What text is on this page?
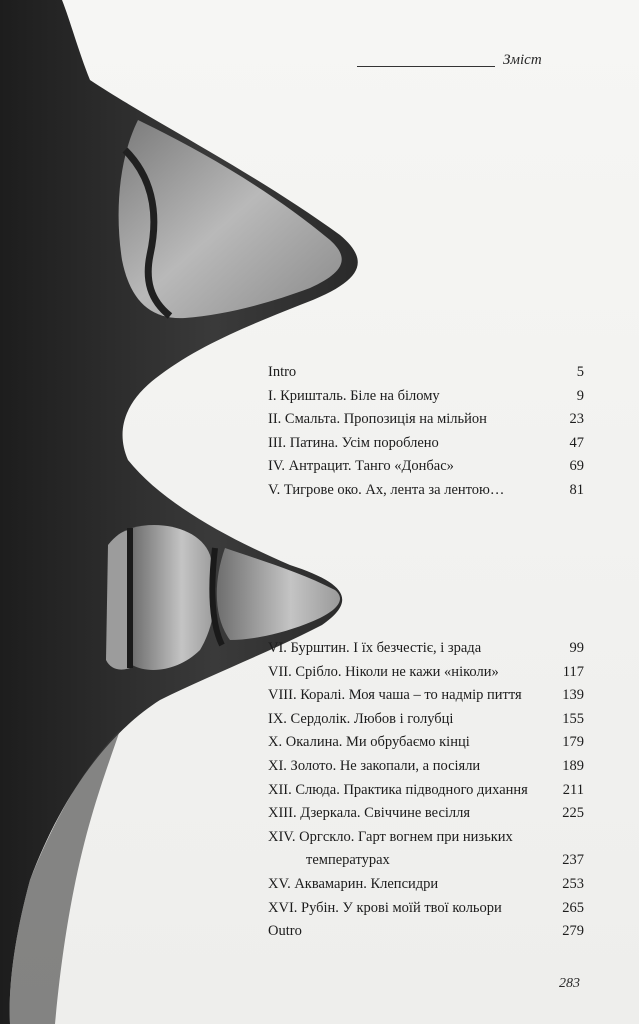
Зміст
Intro	5
I. Кришталь. Біле на білому	9
II. Смальта. Пропозиція на мільйон	23
III. Патина. Усім пороблено	47
IV. Антрацит. Танго «Донбас»	69
V. Тигрове око. Ах, лента за лентою…	81
VI. Бурштин. І їх безчестіє, і зрада	99
VII. Срібло. Ніколи не кажи «ніколи»	117
VIII. Коралі. Моя чаша – то надмір пиття	139
IX. Сердолік. Любов і голубці	155
X. Окалина. Ми обрубаємо кінці	179
XI. Золото. Не закопали, а посіяли	189
XII. Слюда. Практика підводного дихання 211
XIII. Дзеркала. Свіччине весілля	225
XIV. Оргскло. Гарт вогнем при низьких
температурах	237
XV. Аквамарин. Клепсидри	253
XVI. Рубін. У крові моїй твої кольори	265
Outro	279
283
